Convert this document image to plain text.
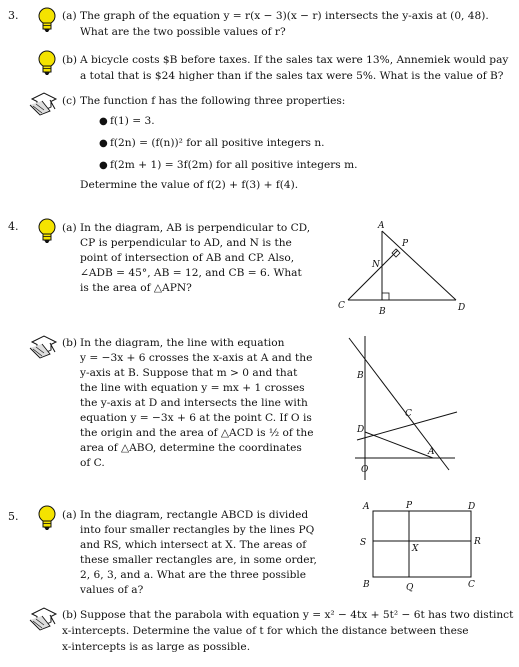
3.	(a) The graph of the equation y = r(x − 3)(x − r) intersects the y-axis at (0, 48).
What are the two possible values of r?
(b) A bicycle costs $B before taxes. If the sales tax were 13%, Annemiek would pay
a total that is $24 higher than if the sales tax were 5%. What is the value of B?
(c) The function f has the following three properties:
● f(1) = 3.
● f(2n) = (f(n))² for all positive integers n.
● f(2m + 1) = 3f(2m) for all positive integers m.
Determine the value of f(2) + f(3) + f(4).
4.	(a) In the diagram, AB is perpendicular to CD,
CP is perpendicular to AD, and N is the
point of intersection of AB and CP. Also,
∠ADB = 45°, AB = 12, and CB = 6. What
is the area of △APN?
A
P
N
C
B	D
(b) In the diagram, the line with equation
y = −3x + 6 crosses the x-axis at A and the
y-axis at B. Suppose that m > 0 and that
the line with equation y = mx + 1 crosses
the y-axis at D and intersects the line with
equation y = −3x + 6 at the point C. If O is
the origin and the area of △ACD is ½ of the
area of △ABO, determine the coordinates
of C.
B
D
C
A
O
5.	(a) In the diagram, rectangle ABCD is divided
into four smaller rectangles by the lines PQ
and RS, which intersect at X. The areas of
these smaller rectangles are, in some order,
2, 6, 3, and a. What are the three possible
values of a?
A	P	D
S
X
R
B	Q	C
(b) Suppose that the parabola with equation y = x² − 4tx + 5t² − 6t has two distinct
x-intercepts. Determine the value of t for which the distance between these
x-intercepts is as large as possible.
